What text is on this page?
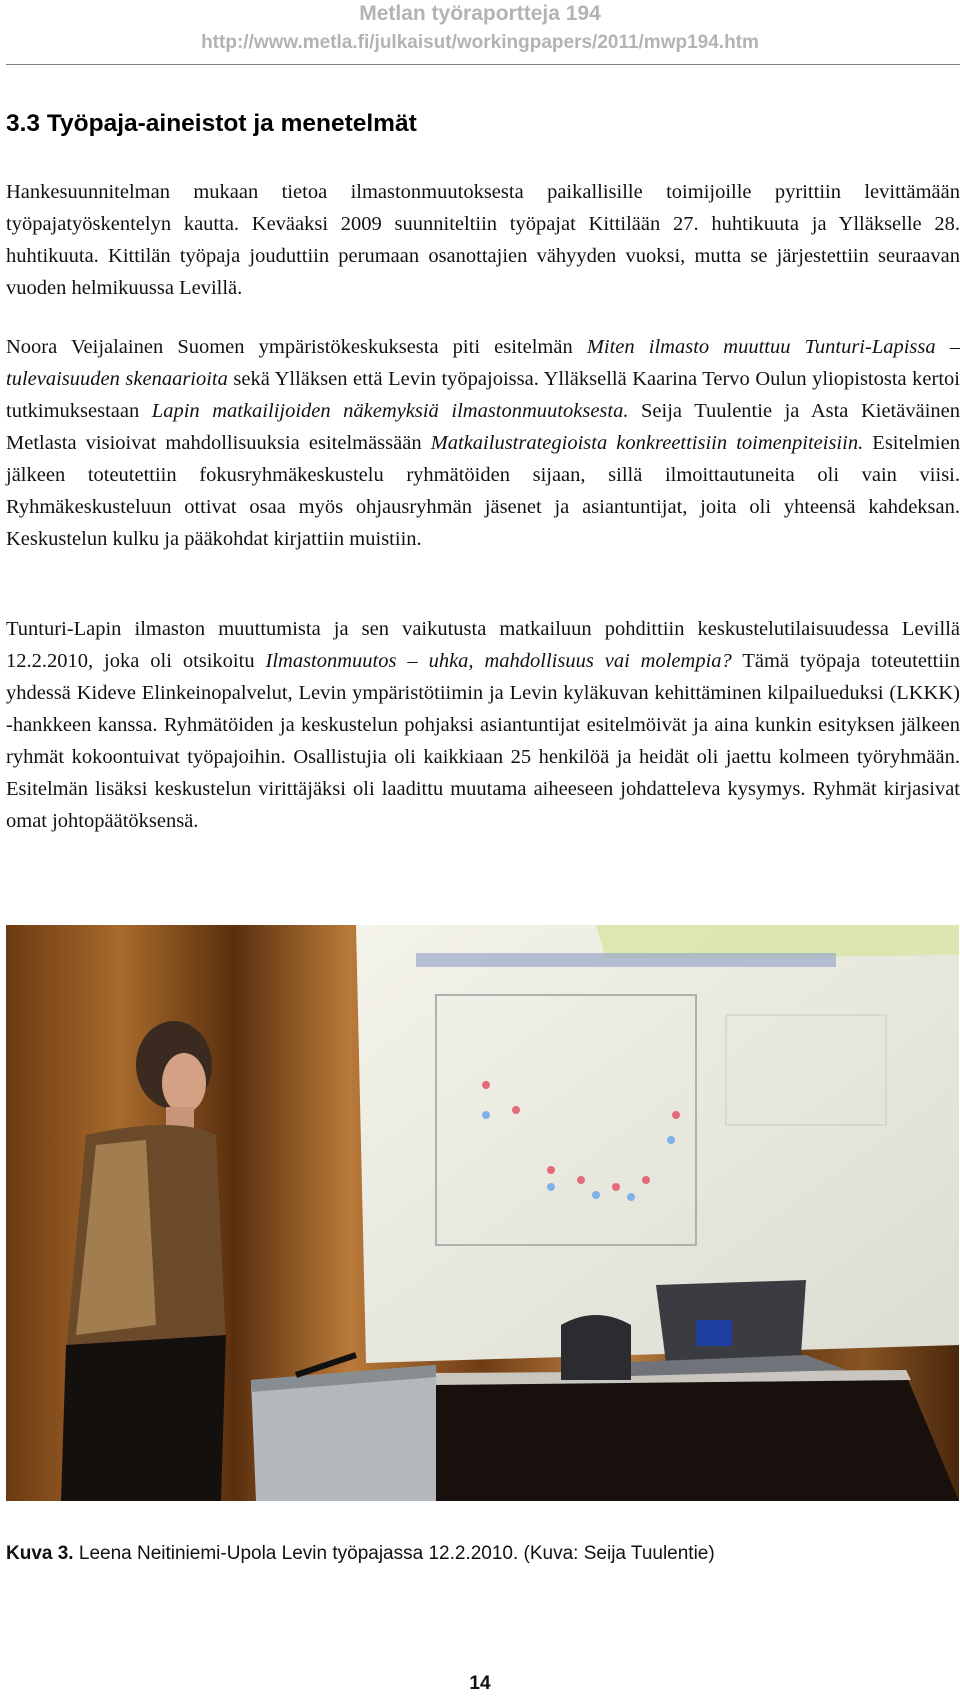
Metlan työraportteja 194
http://www.metla.fi/julkaisut/workingpapers/2011/mwp194.htm
3.3 Työpaja-aineistot ja menetelmät

Hankesuunnitelman mukaan tietoa ilmastonmuutoksesta paikallisille toimijoille pyrittiin levittämään työpajatyöskentelyn kautta. Keväaksi 2009 suunniteltiin työpajat Kittilään 27. huhtikuuta ja Ylläkselle 28. huhtikuuta. Kittilän työpaja jouduttiin perumaan osanottajien vähyyden vuoksi, mutta se järjestettiin seuraavan vuoden helmikuussa Levillä.

Noora Veijalainen Suomen ympäristökeskuksesta piti esitelmän Miten ilmasto muuttuu Tunturi-Lapissa – tulevaisuuden skenaarioita sekä Ylläksen että Levin työpajoissa. Ylläksellä Kaarina Tervo Oulun yliopistosta kertoi tutkimuksestaan Lapin matkailijoiden näkemyksiä ilmastonmuutoksesta. Seija Tuulentie ja Asta Kietäväinen Metlasta visioivat mahdollisuuksia esitelmässään Matkailustrategioista konkreettisiin toimenpiteisiin. Esitelmien jälkeen toteutettiin fokusryhmäkeskustelu ryhmätöiden sijaan, sillä ilmoittautuneita oli vain viisi. Ryhmäkeskusteluun ottivat osaa myös ohjausryhmän jäsenet ja asiantuntijat, joita oli yhteensä kahdeksan. Keskustelun kulku ja pääkohdat kirjattiin muistiin.

Tunturi-Lapin ilmaston muuttumista ja sen vaikutusta matkailuun pohdittiin keskustelutilaisuudessa Levillä 12.2.2010, joka oli otsikoitu Ilmastonmuutos – uhka, mahdollisuus vai molempia? Tämä työpaja toteutettiin yhdessä Kideve Elinkeinopalvelut, Levin ympäristötiimin ja Levin kyläkuvan kehittäminen kilpailueduksi (LKKK) -hankkeen kanssa. Ryhmätöiden ja keskustelun pohjaksi asiantuntijat esitelmöivät ja aina kunkin esityksen jälkeen ryhmät kokoontuivat työpajoihin. Osallistujia oli kaikkiaan 25 henkilöä ja heidät oli jaettu kolmeen työryhmään. Esitelmän lisäksi keskustelun virittäjäksi oli laadittu muutama aiheeseen johdatteleva kysymys. Ryhmät kirjasivat omat johtopäätöksensä.

Kuva 3. Leena Neitiniemi-Upola Levin työpajassa 12.2.2010. (Kuva: Seija Tuulentie)
14
